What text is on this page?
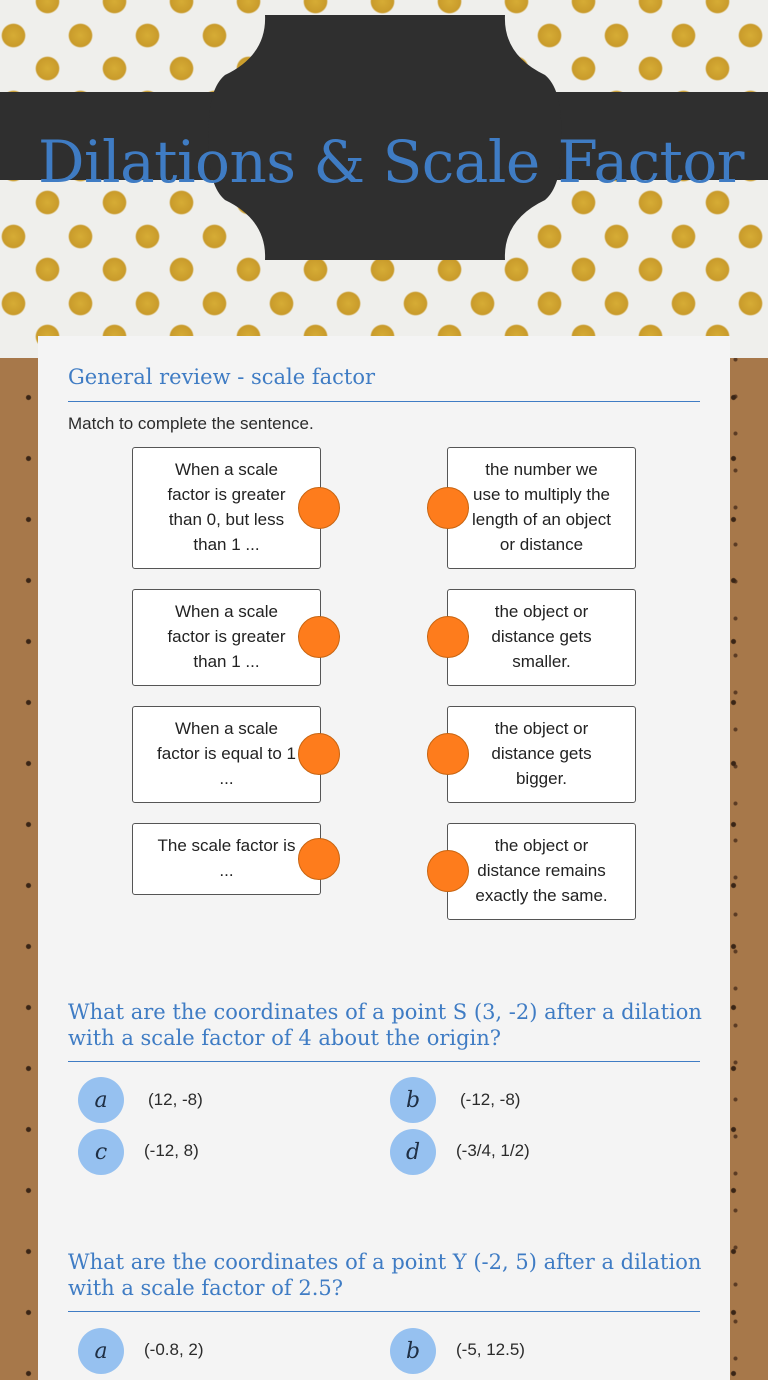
Dilations & Scale Factor
General review - scale factor
Match to complete the sentence.
When a scale
factor is greater
than 0, but less
than 1 ...
When a scale
factor is greater
than 1 ...
When a scale
factor is equal to 1
...
The scale factor is
...
the number we
use to multiply the
length of an object
or distance
the object or
distance gets
smaller.
the object or
distance gets
bigger.
the object or
distance remains
exactly the same.
What are the coordinates of a point S (3, -2) after a dilation with a scale factor of 4 about the origin?
a	(12, -8)	b	(-12, -8)
c	(-12, 8)	d	(-3/4, 1/2)
What are the coordinates of a point Y (-2, 5) after a dilation with a scale factor of 2.5?
a	(-0.8, 2)	b	(-5, 12.5)
